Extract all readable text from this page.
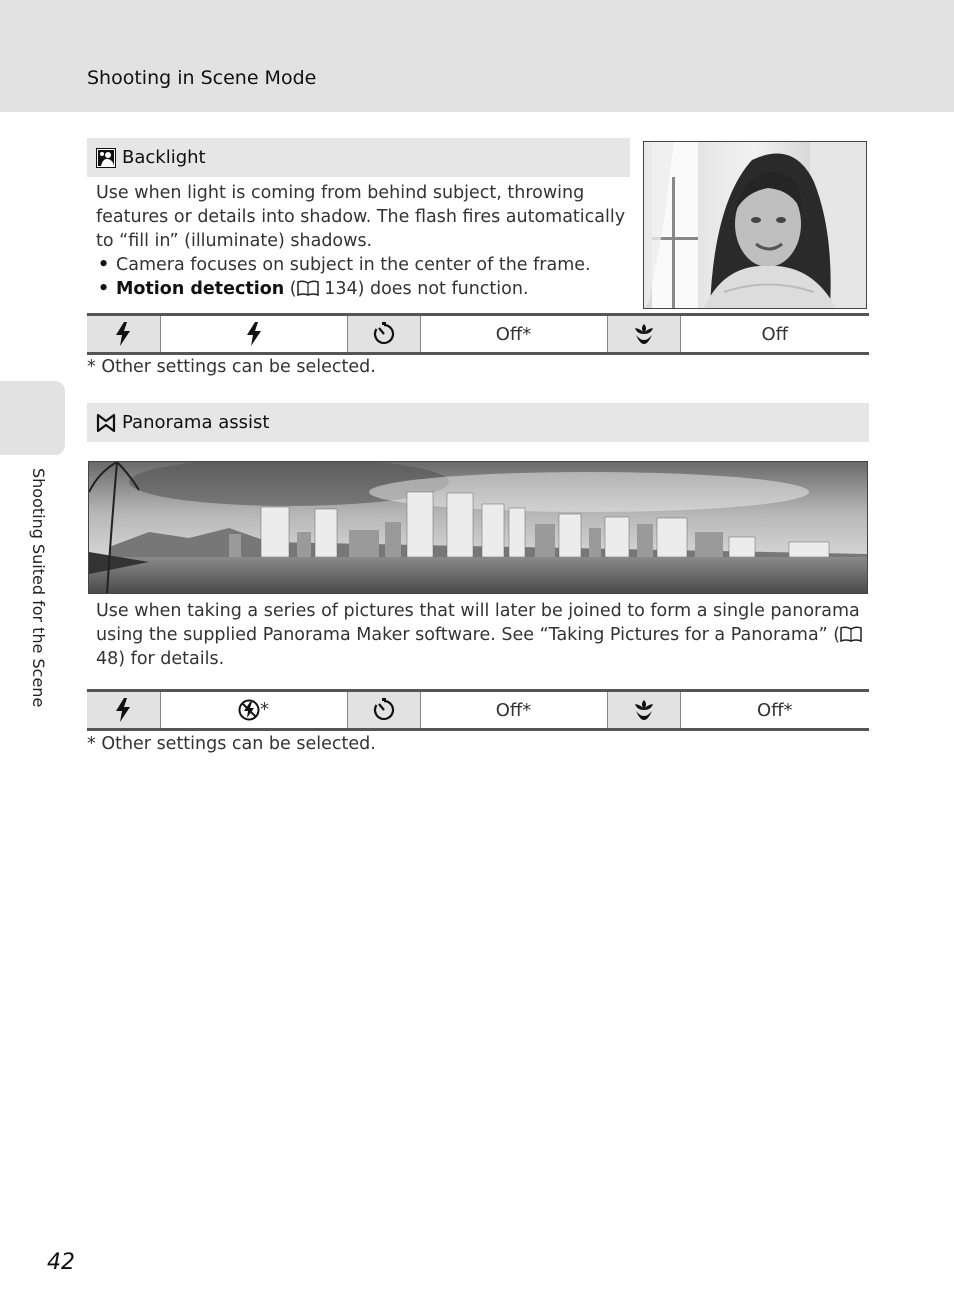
Shooting in Scene Mode
Shooting Suited for the Scene
Backlight

Use when light is coming from behind subject, throwing features or details into shadow. The flash fires automatically to “fill in” (illuminate) shadows.

• Camera focuses on subject in the center of the frame.
• Motion detection ( 134) does not function.
			Off*		Off
* Other settings can be selected.
Panorama assist

Use when taking a series of pictures that will later be joined to form a single panorama using the supplied Panorama Maker software. See “Taking Pictures for a Panorama” ( 48) for details.

	*		Off*		Off*
* Other settings can be selected.
42
